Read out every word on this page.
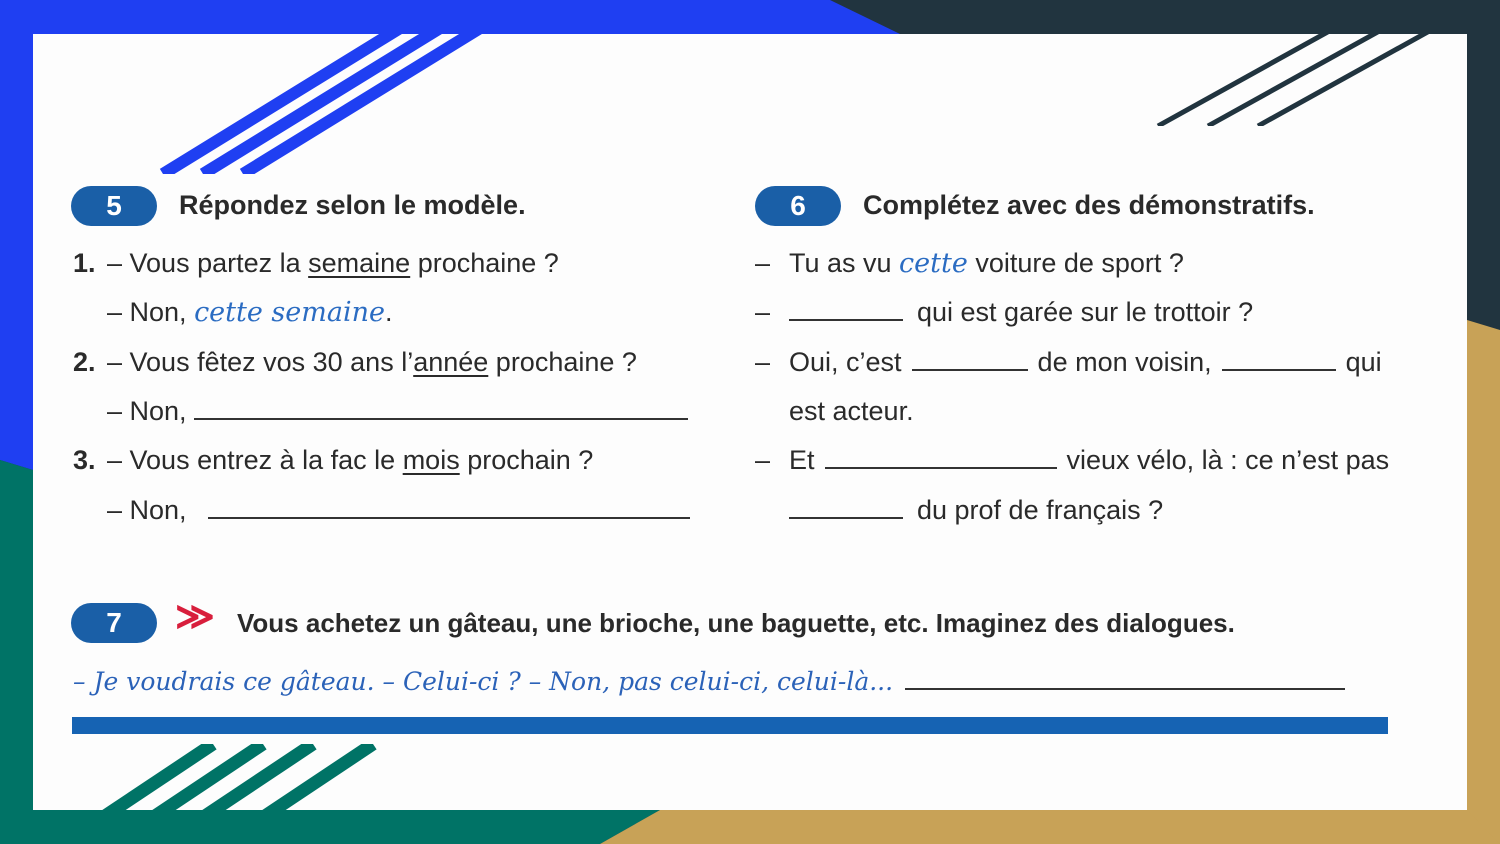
5	Répondez selon le modèle.
1. – Vous partez la semaine prochaine ?
– Non, cette semaine.
2. – Vous fêtez vos 30 ans l’année prochaine ?
– Non,
3. – Vous entrez à la fac le mois prochain ?
– Non,
6	Complétez avec des démonstratifs.
– Tu as vu cette voiture de sport ?
–	qui est garée sur le trottoir ?
– Oui, c’est	de mon voisin,	qui
est acteur.
– Et	vieux vélo, là : ce n’est pas
du prof de français ?
7	≫ Vous achetez un gâteau, une brioche, une baguette, etc. Imaginez des dialogues.
– Je voudrais ce gâteau. – Celui-ci ? – Non, pas celui-ci, celui-là...
